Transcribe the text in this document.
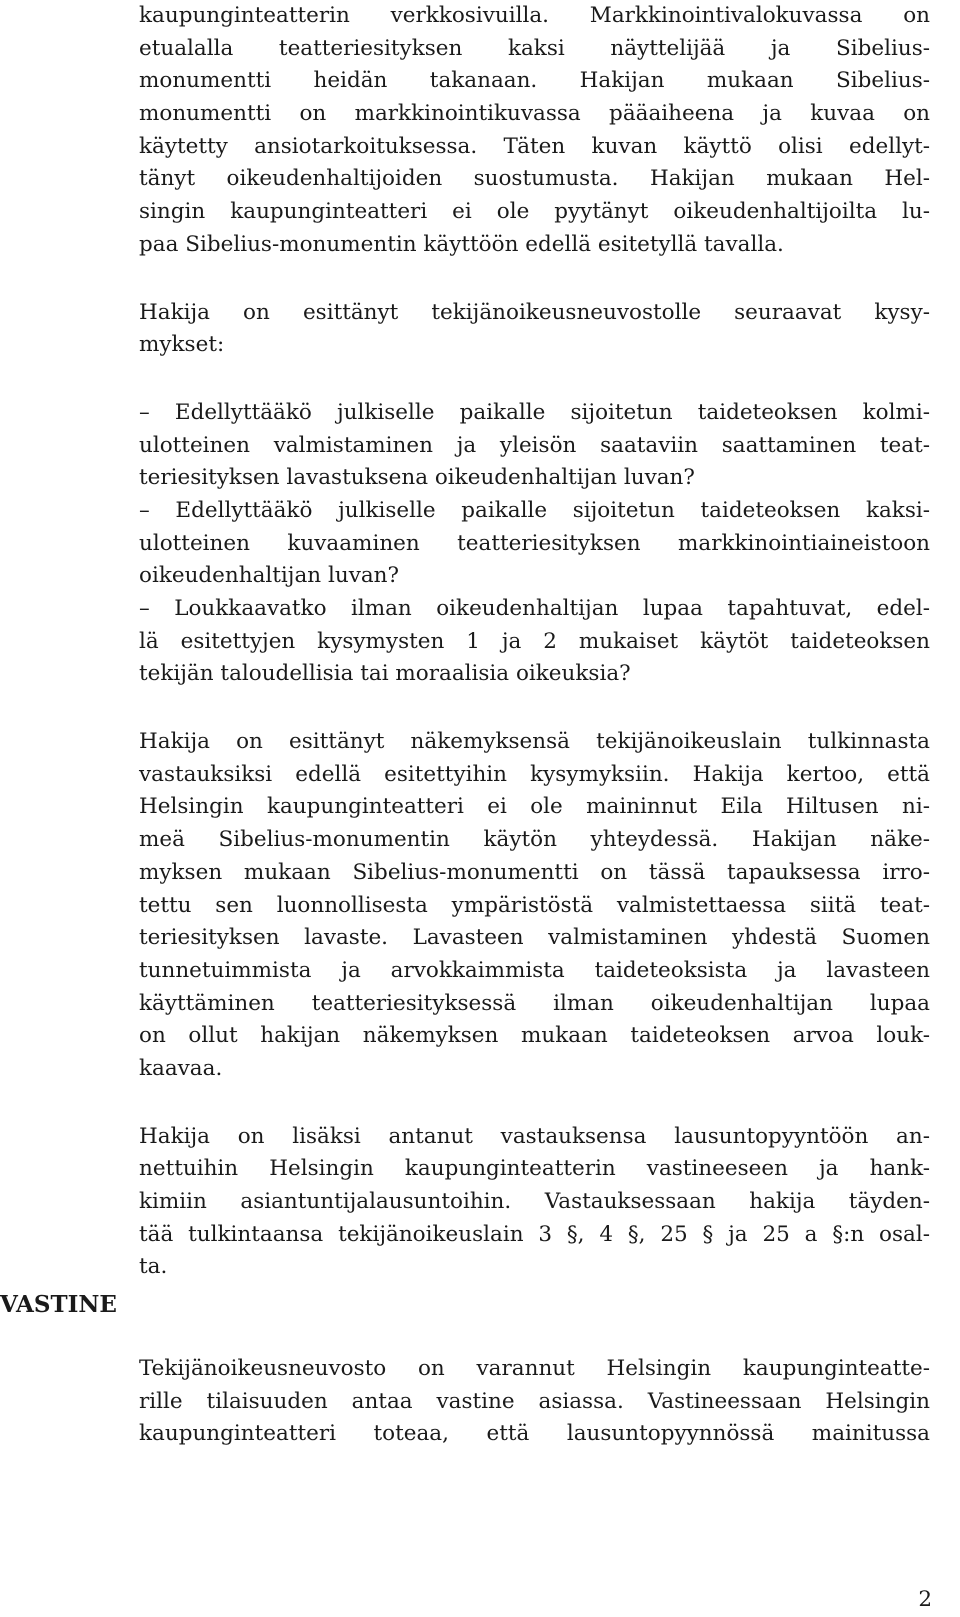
kaupunginteatterin verkkosivuilla. Markkinointivalokuvassa on
etualalla teatteriesityksen kaksi näyttelijää ja Sibelius-
monumentti heidän takanaan. Hakijan mukaan Sibelius-
monumentti on markkinointikuvassa pääaiheena ja kuvaa on
käytetty ansiotarkoituksessa. Täten kuvan käyttö olisi edellyt-
tänyt oikeudenhaltijoiden suostumusta. Hakijan mukaan Hel-
singin kaupunginteatteri ei ole pyytänyt oikeudenhaltijoilta lu-
paa Sibelius-monumentin käyttöön edellä esitetyllä tavalla.
Hakija on esittänyt tekijänoikeusneuvostolle seuraavat kysy-
mykset:
– Edellyttääkö julkiselle paikalle sijoitetun taideteoksen kolmi-
ulotteinen valmistaminen ja yleisön saataviin saattaminen teat-
teriesityksen lavastuksena oikeudenhaltijan luvan?
– Edellyttääkö julkiselle paikalle sijoitetun taideteoksen kaksi-
ulotteinen kuvaaminen teatteriesityksen markkinointiaineistoon
oikeudenhaltijan luvan?
– Loukkaavatko ilman oikeudenhaltijan lupaa tapahtuvat, edel-
lä esitettyjen kysymysten 1 ja 2 mukaiset käytöt taideteoksen
tekijän taloudellisia tai moraalisia oikeuksia?
Hakija on esittänyt näkemyksensä tekijänoikeuslain tulkinnasta
vastauksiksi edellä esitettyihin kysymyksiin. Hakija kertoo, että
Helsingin kaupunginteatteri ei ole maininnut Eila Hiltusen ni-
meä Sibelius-monumentin käytön yhteydessä. Hakijan näke-
myksen mukaan Sibelius-monumentti on tässä tapauksessa irro-
tettu sen luonnollisesta ympäristöstä valmistettaessa siitä teat-
teriesityksen lavaste. Lavasteen valmistaminen yhdestä Suomen
tunnetuimmista ja arvokkaimmista taideteoksista ja lavasteen
käyttäminen teatteriesityksessä ilman oikeudenhaltijan lupaa
on ollut hakijan näkemyksen mukaan taideteoksen arvoa louk-
kaavaa.
Hakija on lisäksi antanut vastauksensa lausuntopyyntöön an-
nettuihin Helsingin kaupunginteatterin vastineeseen ja hank-
kimiin asiantuntijalausuntoihin. Vastauksessaan hakija täyden-
tää tulkintaansa tekijänoikeuslain 3 §, 4 §, 25 § ja 25 a §:n osal-
ta.
VASTINE
Tekijänoikeusneuvosto on varannut Helsingin kaupunginteatte-
rille tilaisuuden antaa vastine asiassa. Vastineessaan Helsingin
kaupunginteatteri toteaa, että lausuntopyynnössä mainitussa
2
